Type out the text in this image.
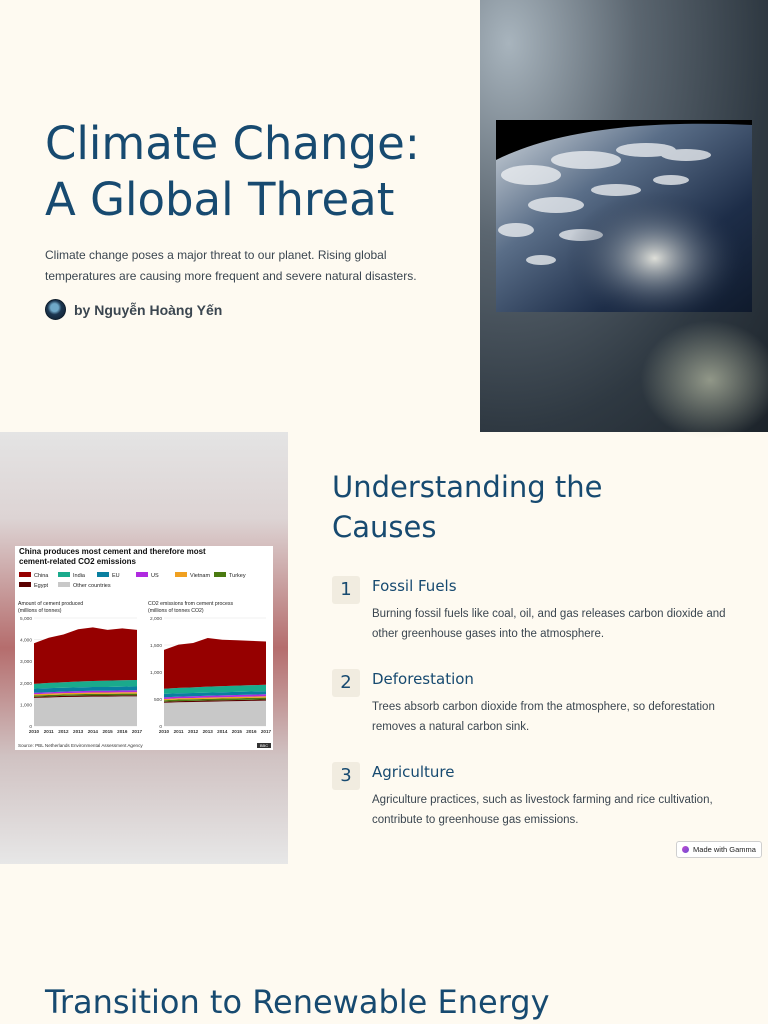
Climate Change:
A Global Threat

Climate change poses a major threat to our planet. Rising global temperatures are causing more frequent and severe natural disasters.

by Nguyễn Hoàng Yến
China produces most cement and therefore most
cement-related CO2 emissions
China	India	EU	US	Vietnam	Turkey
Egypt	Other countries
Amount of cement produced
(millions of tonnes)
5,000
4,000
3,000
2,000
1,000
0
2010 2011 2012 2013 2014 2015 2016 2017
CO2 emissions from cement process
(millions of tonnes CO2)
2,000
1,500
1,000
500
0
2010 2011 2012 2013 2014 2015 2016 2017
Source: PBL Netherlands Environmental Assessment Agency	BBC
Understanding the Causes
1	Fossil Fuels
Burning fossil fuels like coal, oil, and gas releases carbon dioxide and other greenhouse gases into the atmosphere.
2	Deforestation
Trees absorb carbon dioxide from the atmosphere, so deforestation removes a natural carbon sink.
3	Agriculture
Agriculture practices, such as livestock farming and rice cultivation, contribute to greenhouse gas emissions.
Made with Gamma
Transition to Renewable Energy
